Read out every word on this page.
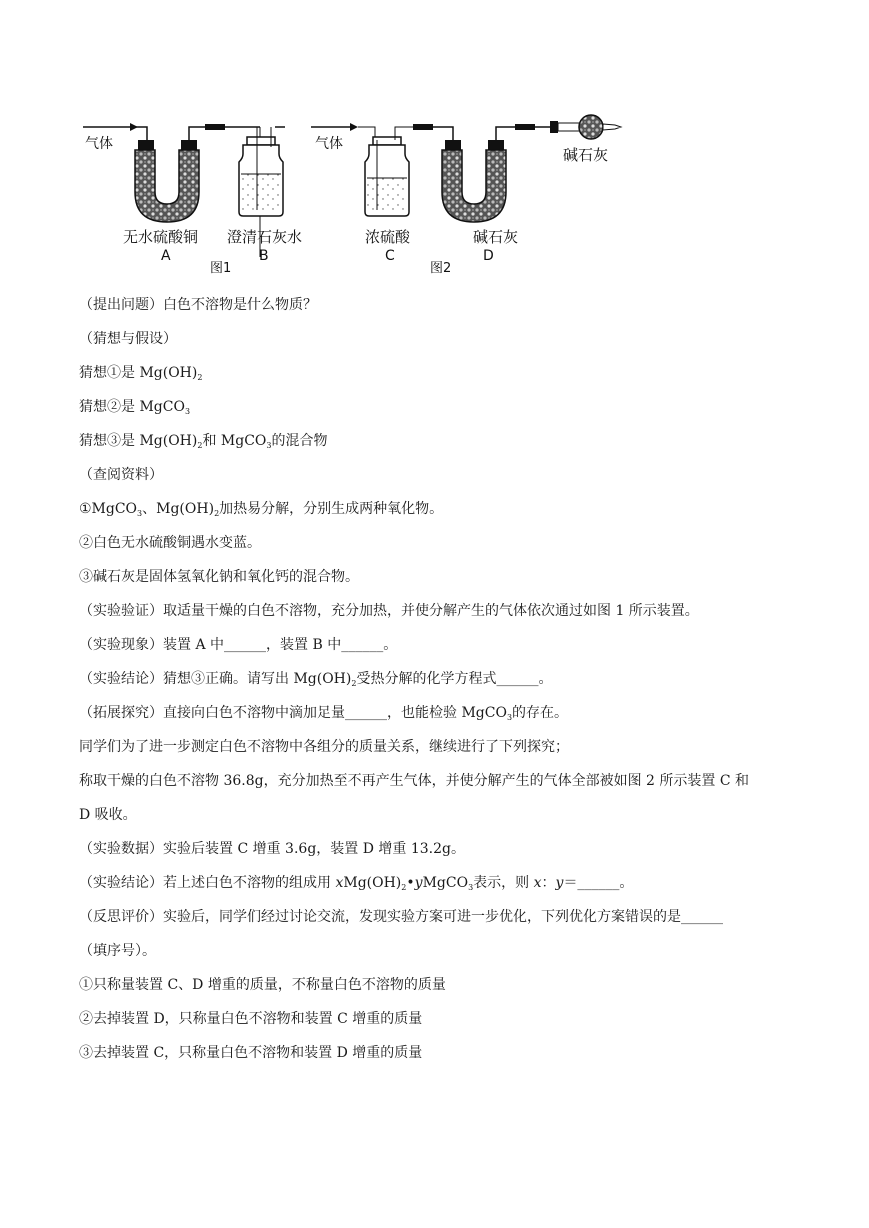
气体
无水硫酸铜
A
澄清石灰水
B
图1
气体
浓硫酸
C
碱石灰
D
图2
碱石灰
（提出问题）白色不溶物是什么物质？
（猜想与假设）
猜想①是 $Mg(OH)_2$
猜想②是 MgCO$_3$
猜想③是 $Mg(OH)_2$和 MgCO$_3$的混合物
（查阅资料）
①MgCO$_3$、$Mg(OH)_2$加热易分解，分别生成两种氧化物。
②白色无水硫酸铜遇水变蓝。
③碱石灰是固体氢氧化钠和氧化钙的混合物。
（实验验证）取适量干燥的白色不溶物，充分加热，并使分解产生的气体依次通过如图 1 所示装置。
（实验现象）装置 A 中______，装置 B 中______。
（实验结论）猜想③正确。请写出 $Mg(OH)_2$受热分解的化学方程式______。
（拓展探究）直接向白色不溶物中滴加足量______，也能检验 MgCO$_3$的存在。
同学们为了进一步测定白色不溶物中各组分的质量关系，继续进行了下列探究；
称取干燥的白色不溶物 36.8g，充分加热至不再产生气体，并使分解产生的气体全部被如图 2 所示装置 C 和
D 吸收。
（实验数据）实验后装置 C 增重 3.6g，装置 D 增重 13.2g。
（实验结论）若上述白色不溶物的组成用 $xMg(OH)_2•yMgCO_3$表示，则 x：y＝______。
（反思评价）实验后，同学们经过讨论交流，发现实验方案可进一步优化，下列优化方案错误的是______
（填序号）。
①只称量装置 C、D 增重的质量，不称量白色不溶物的质量
②去掉装置 D，只称量白色不溶物和装置 C 增重的质量
③去掉装置 C，只称量白色不溶物和装置 D 增重的质量
